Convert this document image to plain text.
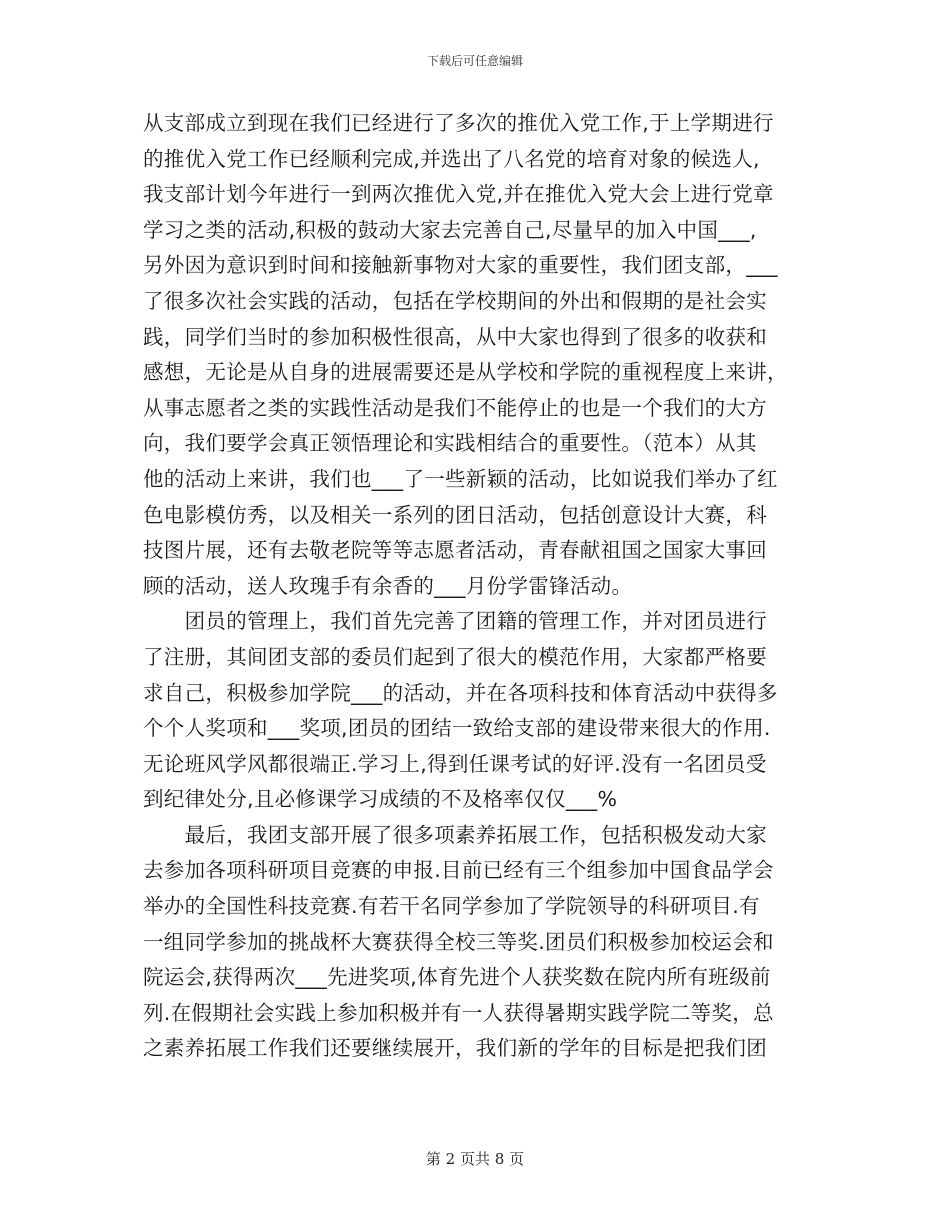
下载后可任意编辑

从支部成立到现在我们已经进行了多次的推优入党工作,于上学期进行
的推优入党工作已经顺利完成,并选出了八名党的培育对象的候选人,
我支部计划今年进行一到两次推优入党,并在推优入党大会上进行党章
学习之类的活动,积极的鼓动大家去完善自己,尽量早的加入中国___,
另外因为意识到时间和接触新事物对大家的重要性，我们团支部，___
了很多次社会实践的活动，包括在学校期间的外出和假期的是社会实
践，同学们当时的参加积极性很高，从中大家也得到了很多的收获和
感想，无论是从自身的进展需要还是从学校和学院的重视程度上来讲，
从事志愿者之类的实践性活动是我们不能停止的也是一个我们的大方
向，我们要学会真正领悟理论和实践相结合的重要性。（范本）从其
他的活动上来讲，我们也___了一些新颖的活动，比如说我们举办了红
色电影模仿秀，以及相关一系列的团日活动，包括创意设计大赛，科
技图片展，还有去敬老院等等志愿者活动，青春献祖国之国家大事回
顾的活动，送人玫瑰手有余香的___月份学雷锋活动。

　　团员的管理上，我们首先完善了团籍的管理工作，并对团员进行
了注册，其间团支部的委员们起到了很大的模范作用，大家都严格要
求自己，积极参加学院___的活动，并在各项科技和体育活动中获得多
个个人奖项和___奖项,团员的团结一致给支部的建设带来很大的作用.
无论班风学风都很端正.学习上,得到任课考试的好评.没有一名团员受
到纪律处分,且必修课学习成绩的不及格率仅仅___%

　　最后，我团支部开展了很多项素养拓展工作，包括积极发动大家
去参加各项科研项目竞赛的申报.目前已经有三个组参加中国食品学会
举办的全国性科技竞赛.有若干名同学参加了学院领导的科研项目.有
一组同学参加的挑战杯大赛获得全校三等奖.团员们积极参加校运会和
院运会,获得两次___先进奖项,体育先进个人获奖数在院内所有班级前
列.在假期社会实践上参加积极并有一人获得暑期实践学院二等奖，总
之素养拓展工作我们还要继续展开，我们新的学年的目标是把我们团

第 2 页共 8 页
